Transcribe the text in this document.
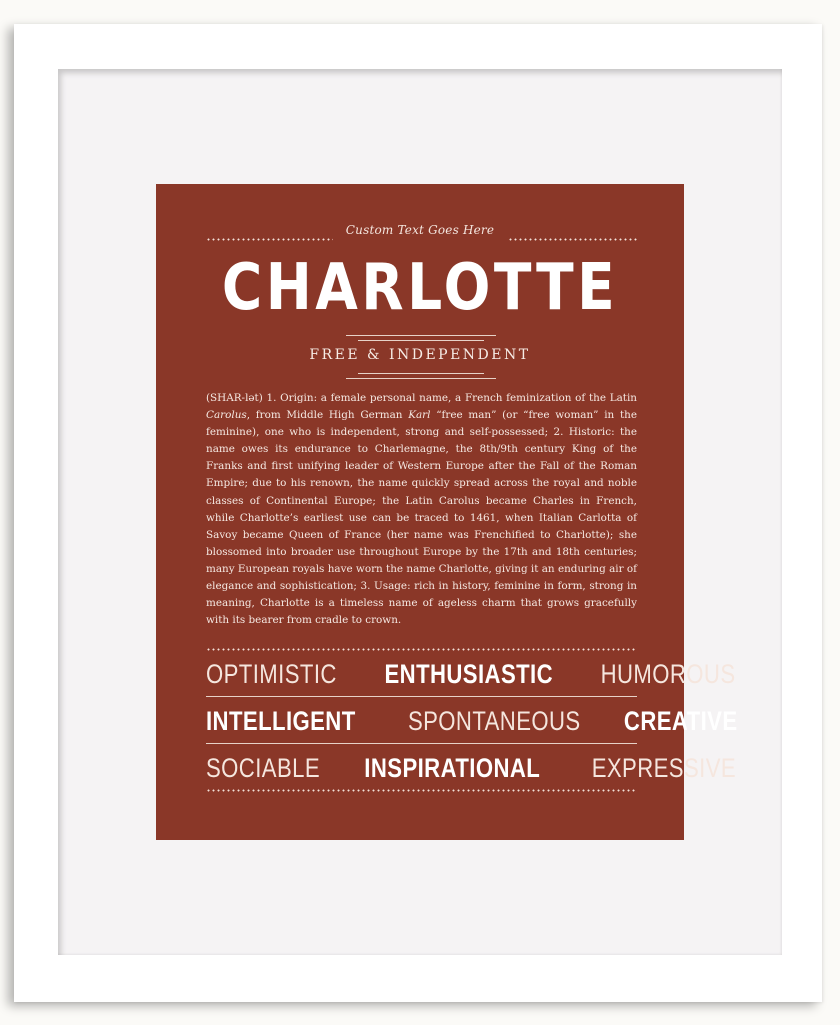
Custom Text Goes Here
CHARLOTTE
FREE & INDEPENDENT
(SHAR-lət) 1. Origin: a female personal name, a French feminization of the Latin Carolus, from Middle High German Karl “free man” (or “free woman” in the feminine), one who is independent, strong and self-possessed; 2. Historic: the name owes its endurance to Charlemagne, the 8th/9th century King of the Franks and first unifying leader of Western Europe after the Fall of the Roman Empire; due to his renown, the name quickly spread across the royal and noble classes of Continental Europe; the Latin Carolus became Charles in French, while Charlotte’s earliest use can be traced to 1461, when Italian Carlotta of Savoy became Queen of France (her name was Frenchified to Charlotte); she blossomed into broader use throughout Europe by the 17th and 18th centuries; many European royals have worn the name Charlotte, giving it an enduring air of elegance and sophistication; 3. Usage: rich in history, feminine in form, strong in meaning, Charlotte is a timeless name of ageless charm that grows gracefully with its bearer from cradle to crown.
OPTIMISTIC ENTHUSIASTIC HUMOROUS
INTELLIGENT SPONTANEOUS CREATIVE
SOCIABLE INSPIRATIONAL EXPRESSIVE
